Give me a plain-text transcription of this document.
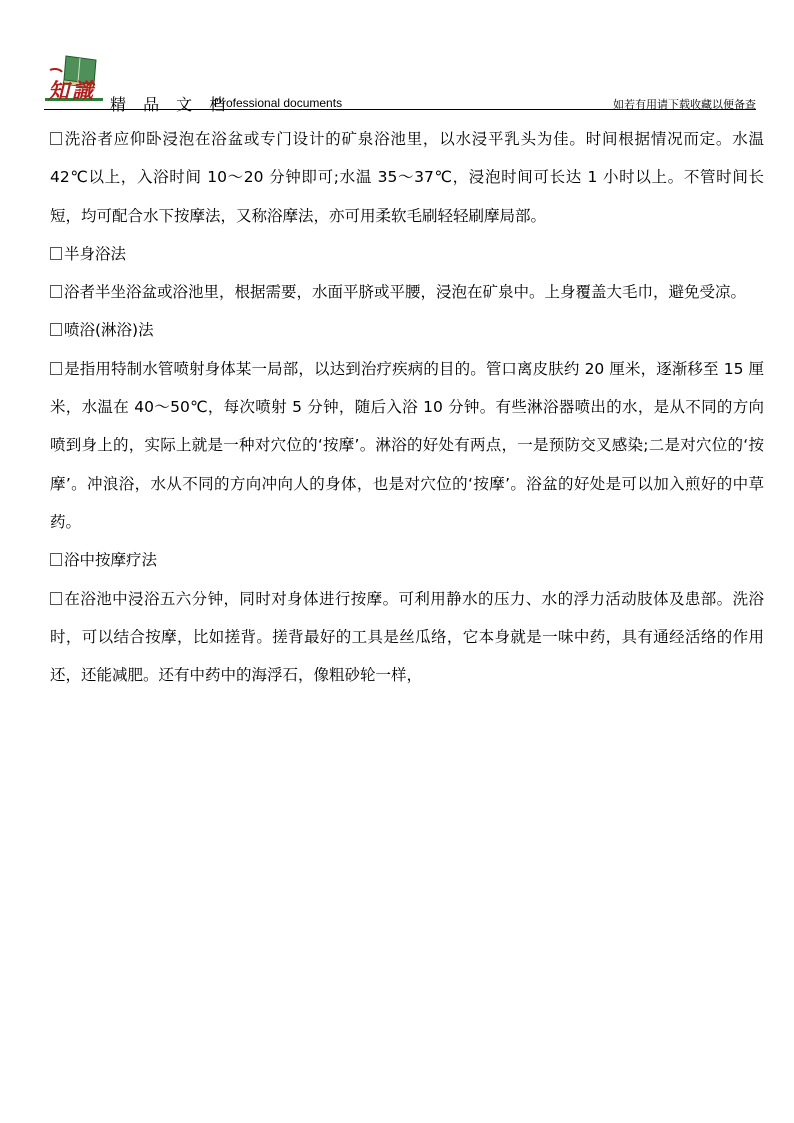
知 識
精 品 文 档
Professional documents	如若有用请下载收藏以便备查

洗浴者应仰卧浸泡在浴盆或专门设计的矿泉浴池里，以水浸平乳头为佳。时间根据情况而定。水温 42℃以上，入浴时间 10～20 分钟即可;水温 35～37℃，浸泡时间可长达 1 小时以上。不管时间长短，均可配合水下按摩法，又称浴摩法，亦可用柔软毛刷轻轻刷摩局部。

半身浴法

浴者半坐浴盆或浴池里，根据需要，水面平脐或平腰，浸泡在矿泉中。上身覆盖大毛巾，避免受凉。

喷浴(淋浴)法

是指用特制水管喷射身体某一局部，以达到治疗疾病的目的。管口离皮肤约 20 厘米，逐渐移至 15 厘米，水温在 40～50℃，每次喷射 5 分钟，随后入浴 10 分钟。有些淋浴器喷出的水，是从不同的方向喷到身上的，实际上就是一种对穴位的‘按摩’。淋浴的好处有两点，一是预防交叉感染;二是对穴位的‘按摩’。冲浪浴，水从不同的方向冲向人的身体，也是对穴位的‘按摩’。浴盆的好处是可以加入煎好的中草药。

浴中按摩疗法

在浴池中浸浴五六分钟，同时对身体进行按摩。可利用静水的压力、水的浮力活动肢体及患部。洗浴时，可以结合按摩，比如搓背。搓背最好的工具是丝瓜络，它本身就是一味中药，具有通经活络的作用还，还能减肥。还有中药中的海浮石，像粗砂轮一样，
